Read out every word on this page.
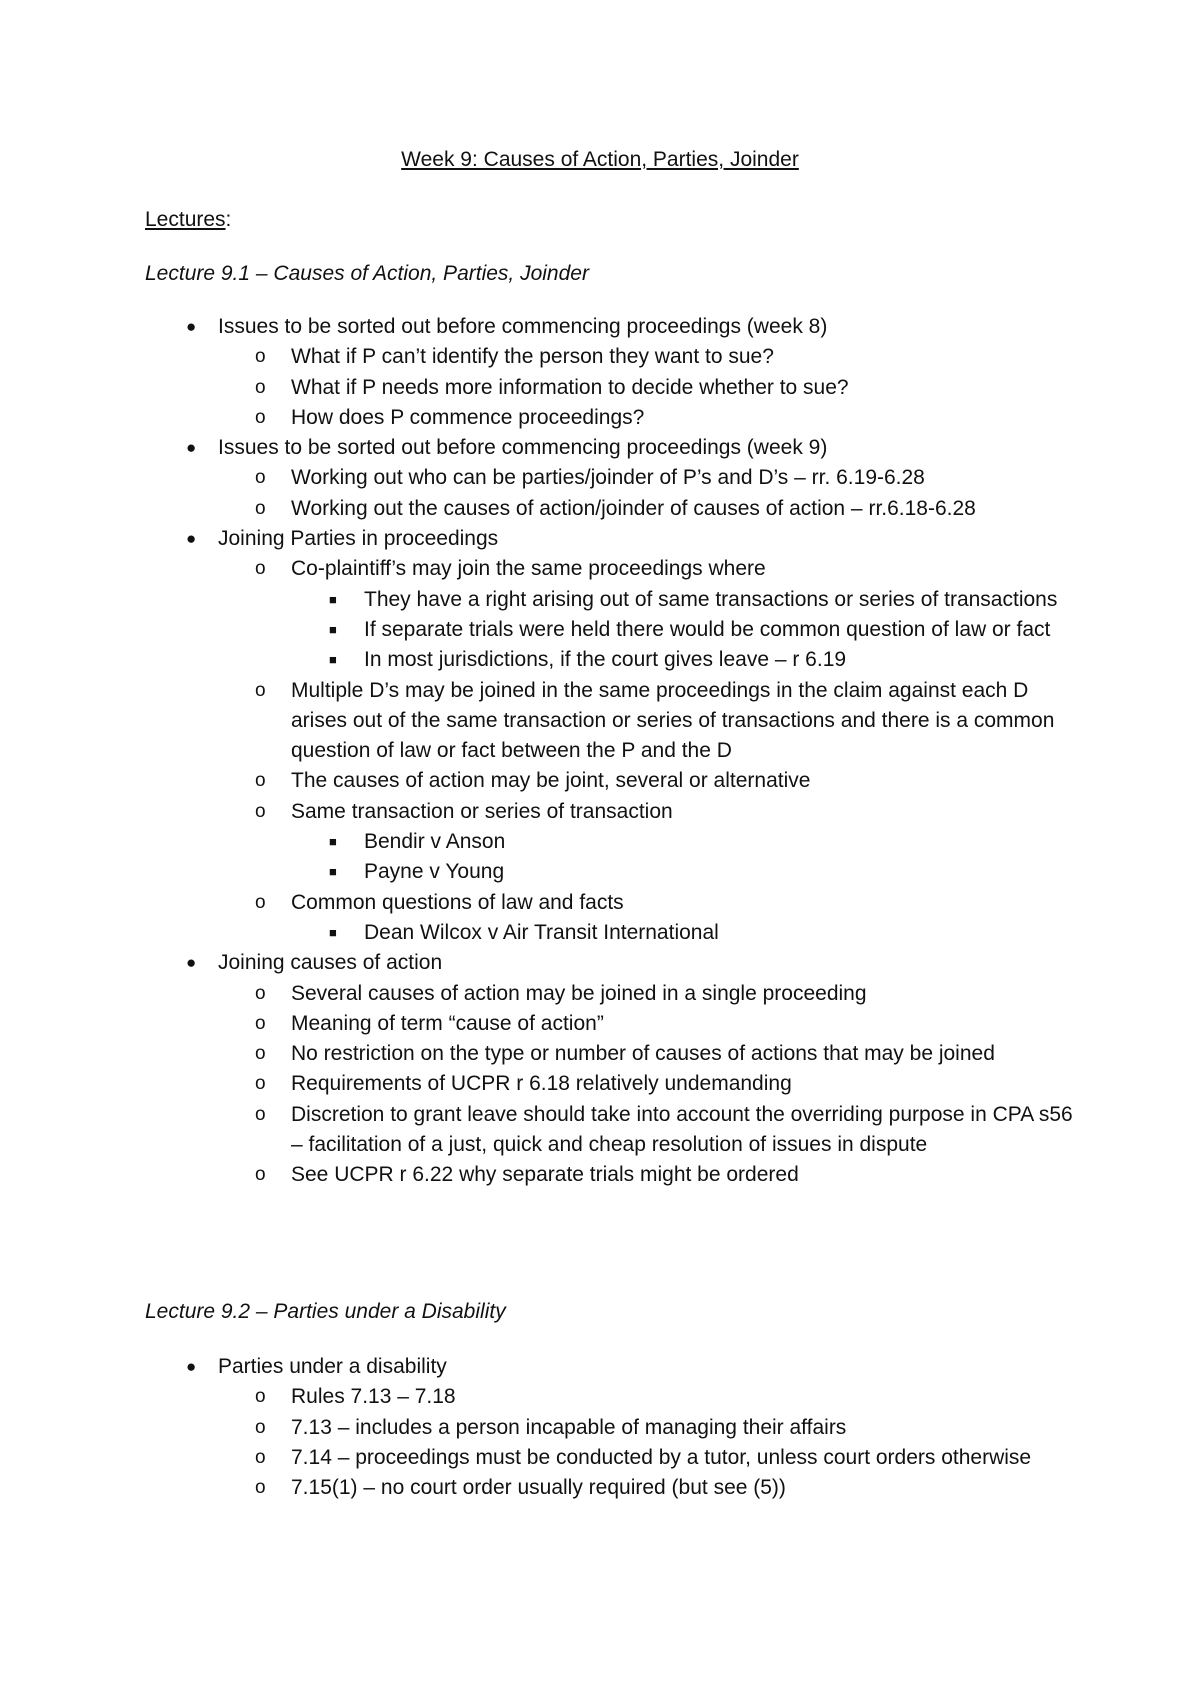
Week 9: Causes of Action, Parties, Joinder
Lectures:
Lecture 9.1 – Causes of Action, Parties, Joinder
● Issues to be sorted out before commencing proceedings (week 8)
o What if P can’t identify the person they want to sue?
o What if P needs more information to decide whether to sue?
o How does P commence proceedings?
● Issues to be sorted out before commencing proceedings (week 9)
o Working out who can be parties/joinder of P’s and D’s – rr. 6.19-6.28
o Working out the causes of action/joinder of causes of action – rr.6.18-6.28
● Joining Parties in proceedings
o Co-plaintiff’s may join the same proceedings where
■ They have a right arising out of same transactions or series of transactions
■ If separate trials were held there would be common question of law or fact
■ In most jurisdictions, if the court gives leave – r 6.19
o Multiple D’s may be joined in the same proceedings in the claim against each D arises out of the same transaction or series of transactions and there is a common question of law or fact between the P and the D
o The causes of action may be joint, several or alternative
o Same transaction or series of transaction
■ Bendir v Anson
■ Payne v Young
o Common questions of law and facts
■ Dean Wilcox v Air Transit International
● Joining causes of action
o Several causes of action may be joined in a single proceeding
o Meaning of term “cause of action”
o No restriction on the type or number of causes of actions that may be joined
o Requirements of UCPR r 6.18 relatively undemanding
o Discretion to grant leave should take into account the overriding purpose in CPA s56 – facilitation of a just, quick and cheap resolution of issues in dispute
o See UCPR r 6.22 why separate trials might be ordered
Lecture 9.2 – Parties under a Disability
● Parties under a disability
o Rules 7.13 – 7.18
o 7.13 – includes a person incapable of managing their affairs
o 7.14 – proceedings must be conducted by a tutor, unless court orders otherwise
o 7.15(1) – no court order usually required (but see (5))
